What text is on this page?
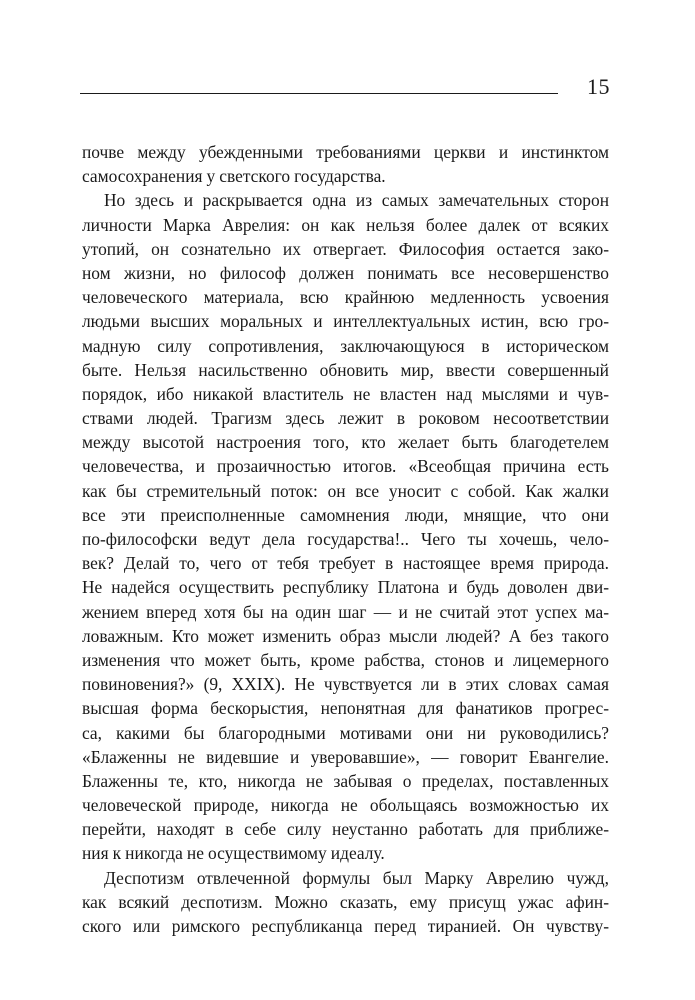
15
почве между убежденными требованиями церкви и инстинктом
самосохранения у светского государства.
Но здесь и раскрывается одна из самых замечательных сторон
личности Марка Аврелия: он как нельзя более далек от всяких
утопий, он сознательно их отвергает. Философия остается зако-
ном жизни, но философ должен понимать все несовершенство
человеческого материала, всю крайнюю медленность усвоения
людьми высших моральных и интеллектуальных истин, всю гро-
мадную силу сопротивления, заключающуюся в историческом
быте. Нельзя насильственно обновить мир, ввести совершенный
порядок, ибо никакой властитель не властен над мыслями и чув-
ствами людей. Трагизм здесь лежит в роковом несоответствии
между высотой настроения того, кто желает быть благодетелем
человечества, и прозаичностью итогов. «Всеобщая причина есть
как бы стремительный поток: он все уносит с собой. Как жалки
все эти преисполненные самомнения люди, мнящие, что они
по-философски ведут дела государства!.. Чего ты хочешь, чело-
век? Делай то, чего от тебя требует в настоящее время природа.
Не надейся осуществить республику Платона и будь доволен дви-
жением вперед хотя бы на один шаг — и не считай этот успех ма-
ловажным. Кто может изменить образ мысли людей? А без такого
изменения что может быть, кроме рабства, стонов и лицемерного
повиновения?» (9, XXIX). Не чувствуется ли в этих словах самая
высшая форма бескорыстия, непонятная для фанатиков прогрес-
са, какими бы благородными мотивами они ни руководились?
«Блаженны не видевшие и уверовавшие», — говорит Евангелие.
Блаженны те, кто, никогда не забывая о пределах, поставленных
человеческой природе, никогда не обольщаясь возможностью их
перейти, находят в себе силу неустанно работать для приближе-
ния к никогда не осуществимому идеалу.
Деспотизм отвлеченной формулы был Марку Аврелию чужд,
как всякий деспотизм. Можно сказать, ему присущ ужас афин-
ского или римского республиканца перед тиранией. Он чувству-
